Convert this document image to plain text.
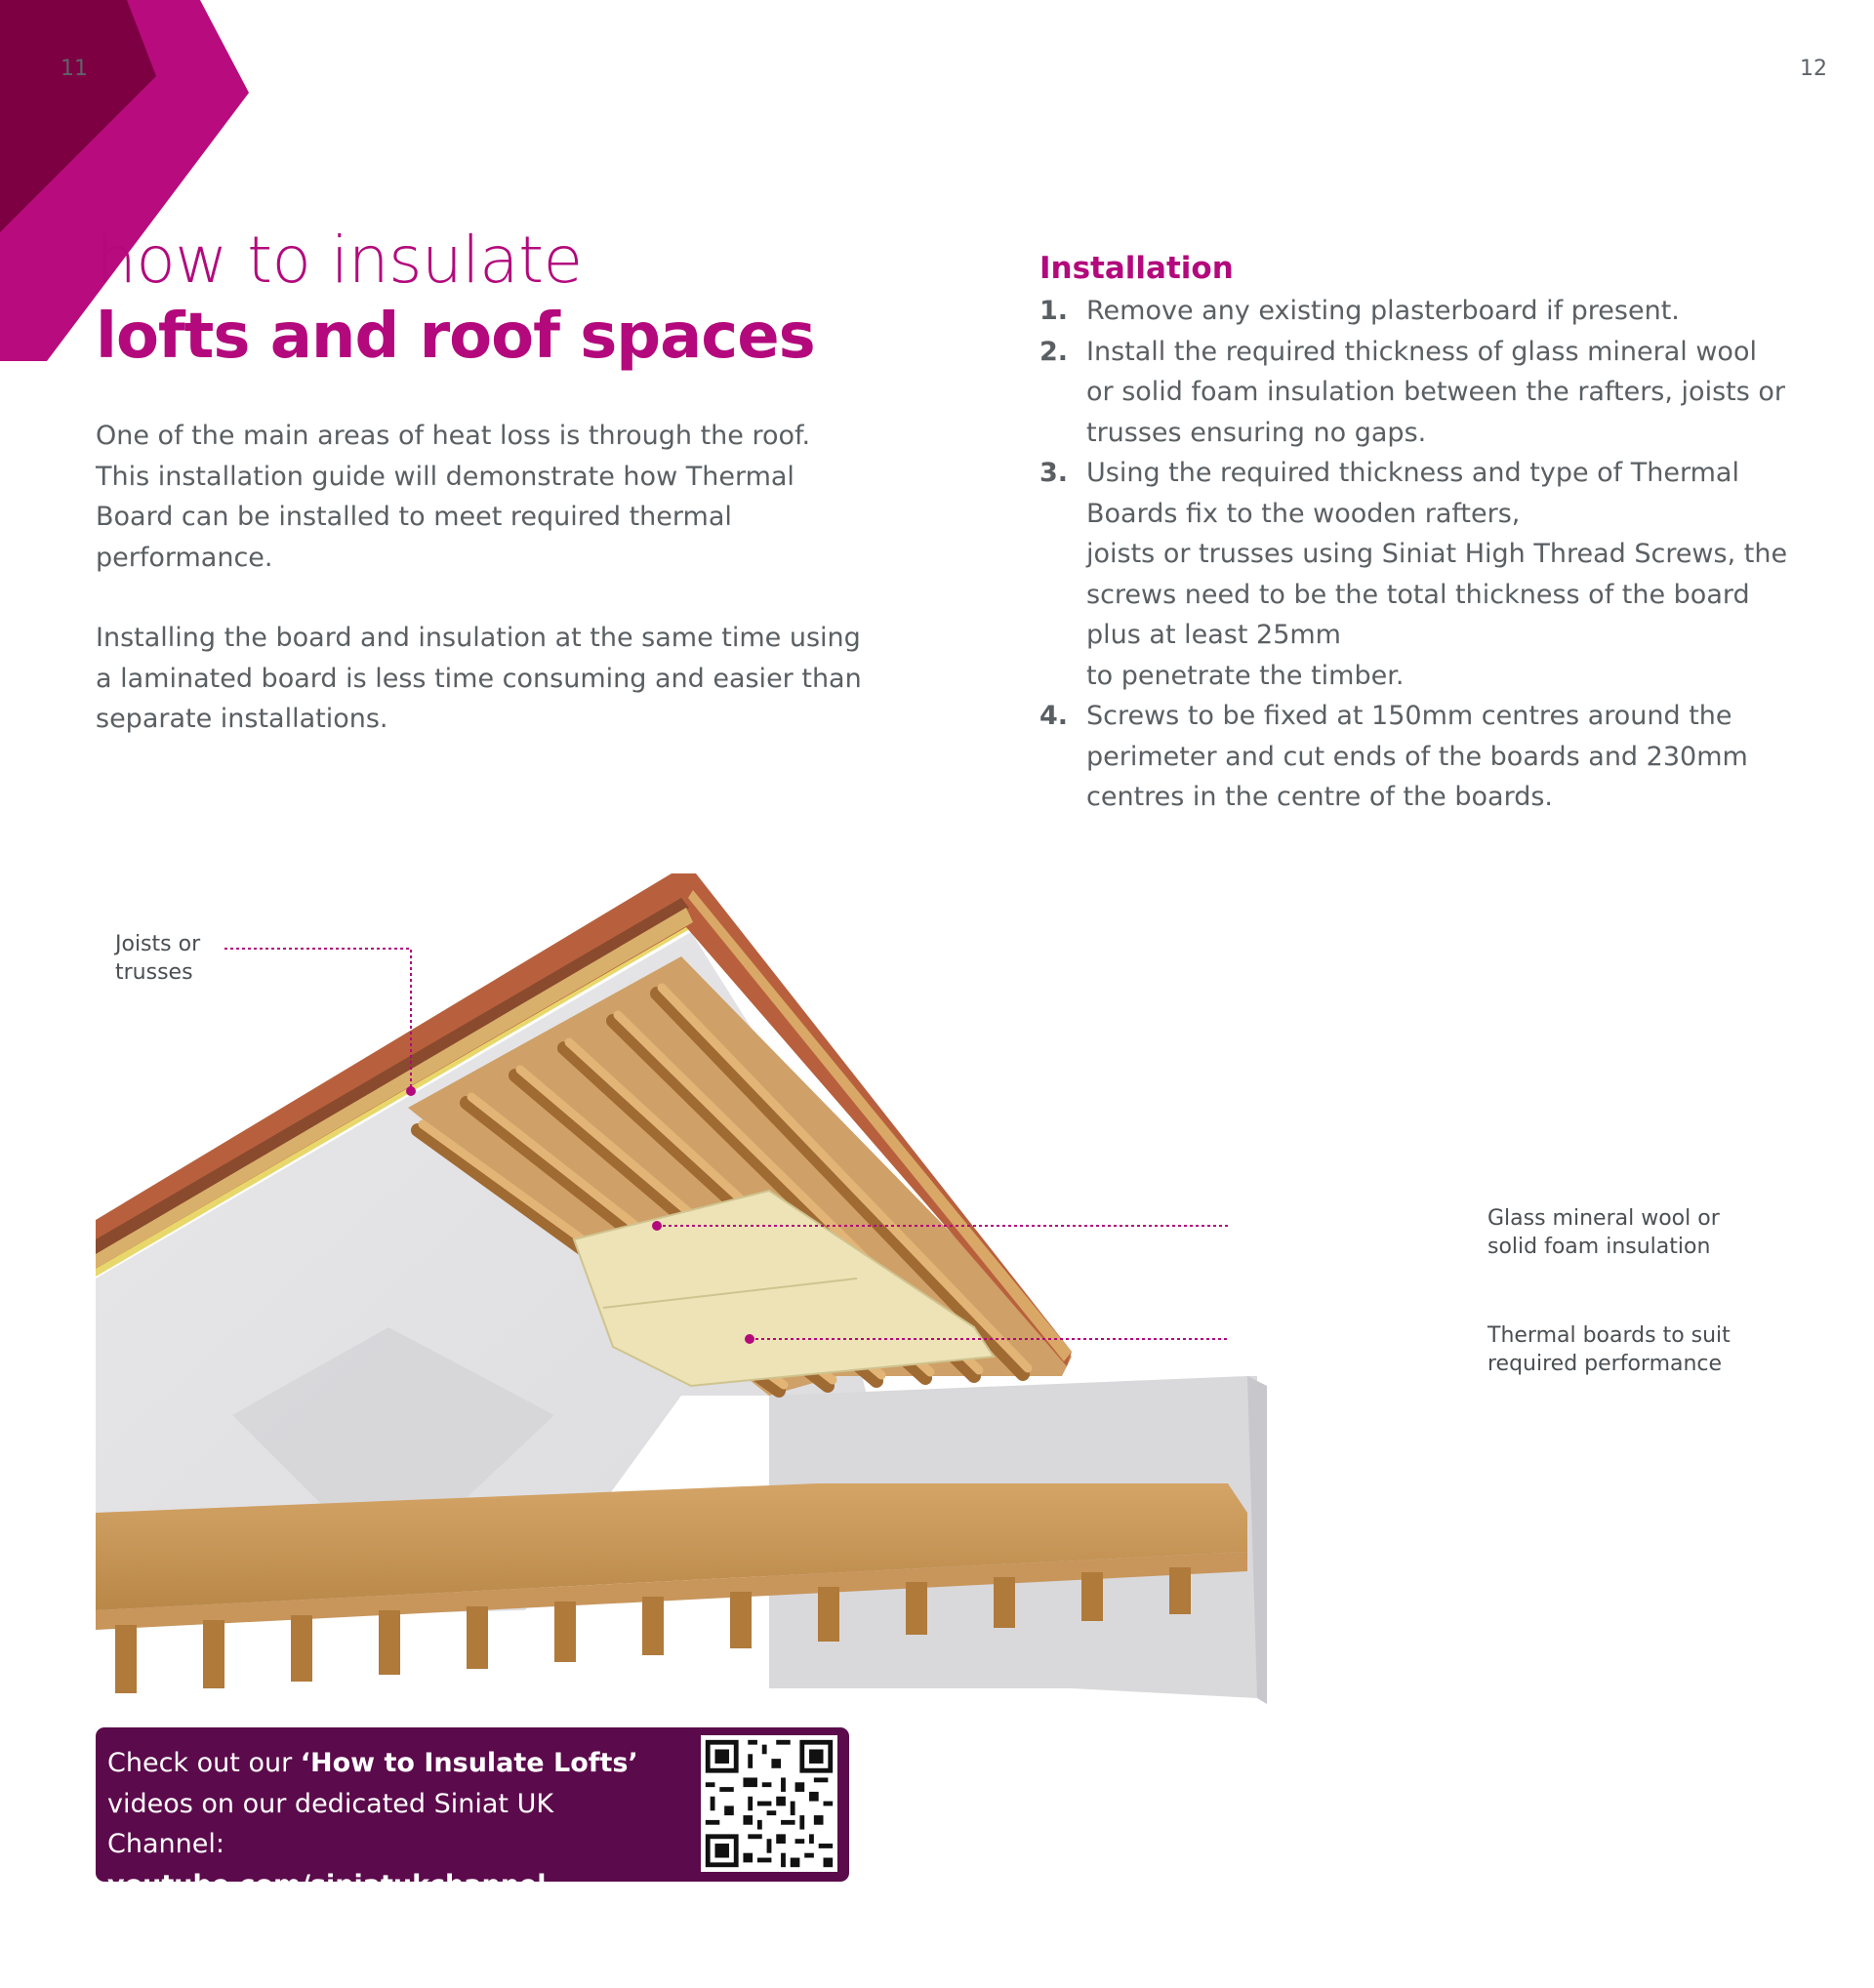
11	12
how to insulate
lofts and roof spaces
One of the main areas of heat loss is through the roof. This installation guide will demonstrate how Thermal Board can be installed to meet required thermal performance.
Installing the board and insulation at the same time using a laminated board is less time consuming and easier than separate installations.
Installation
1. Remove any existing plasterboard if present.
2. Install the required thickness of glass mineral wool or solid foam insulation between the rafters, joists or trusses ensuring no gaps.
3. Using the required thickness and type of Thermal Boards fix to the wooden rafters,
joists or trusses using Siniat High Thread Screws, the screws need to be the total thickness of the board plus at least 25mm
to penetrate the timber.
4. Screws to be fixed at 150mm centres around the perimeter and cut ends of the boards and 230mm centres in the centre of the boards.
Joists or
trusses
Glass mineral wool or
solid foam insulation
Thermal boards to suit
required performance
Check out our ‘How to Insulate Lofts’
videos on our dedicated Siniat UK Channel:
youtube.com/siniatukchannel
